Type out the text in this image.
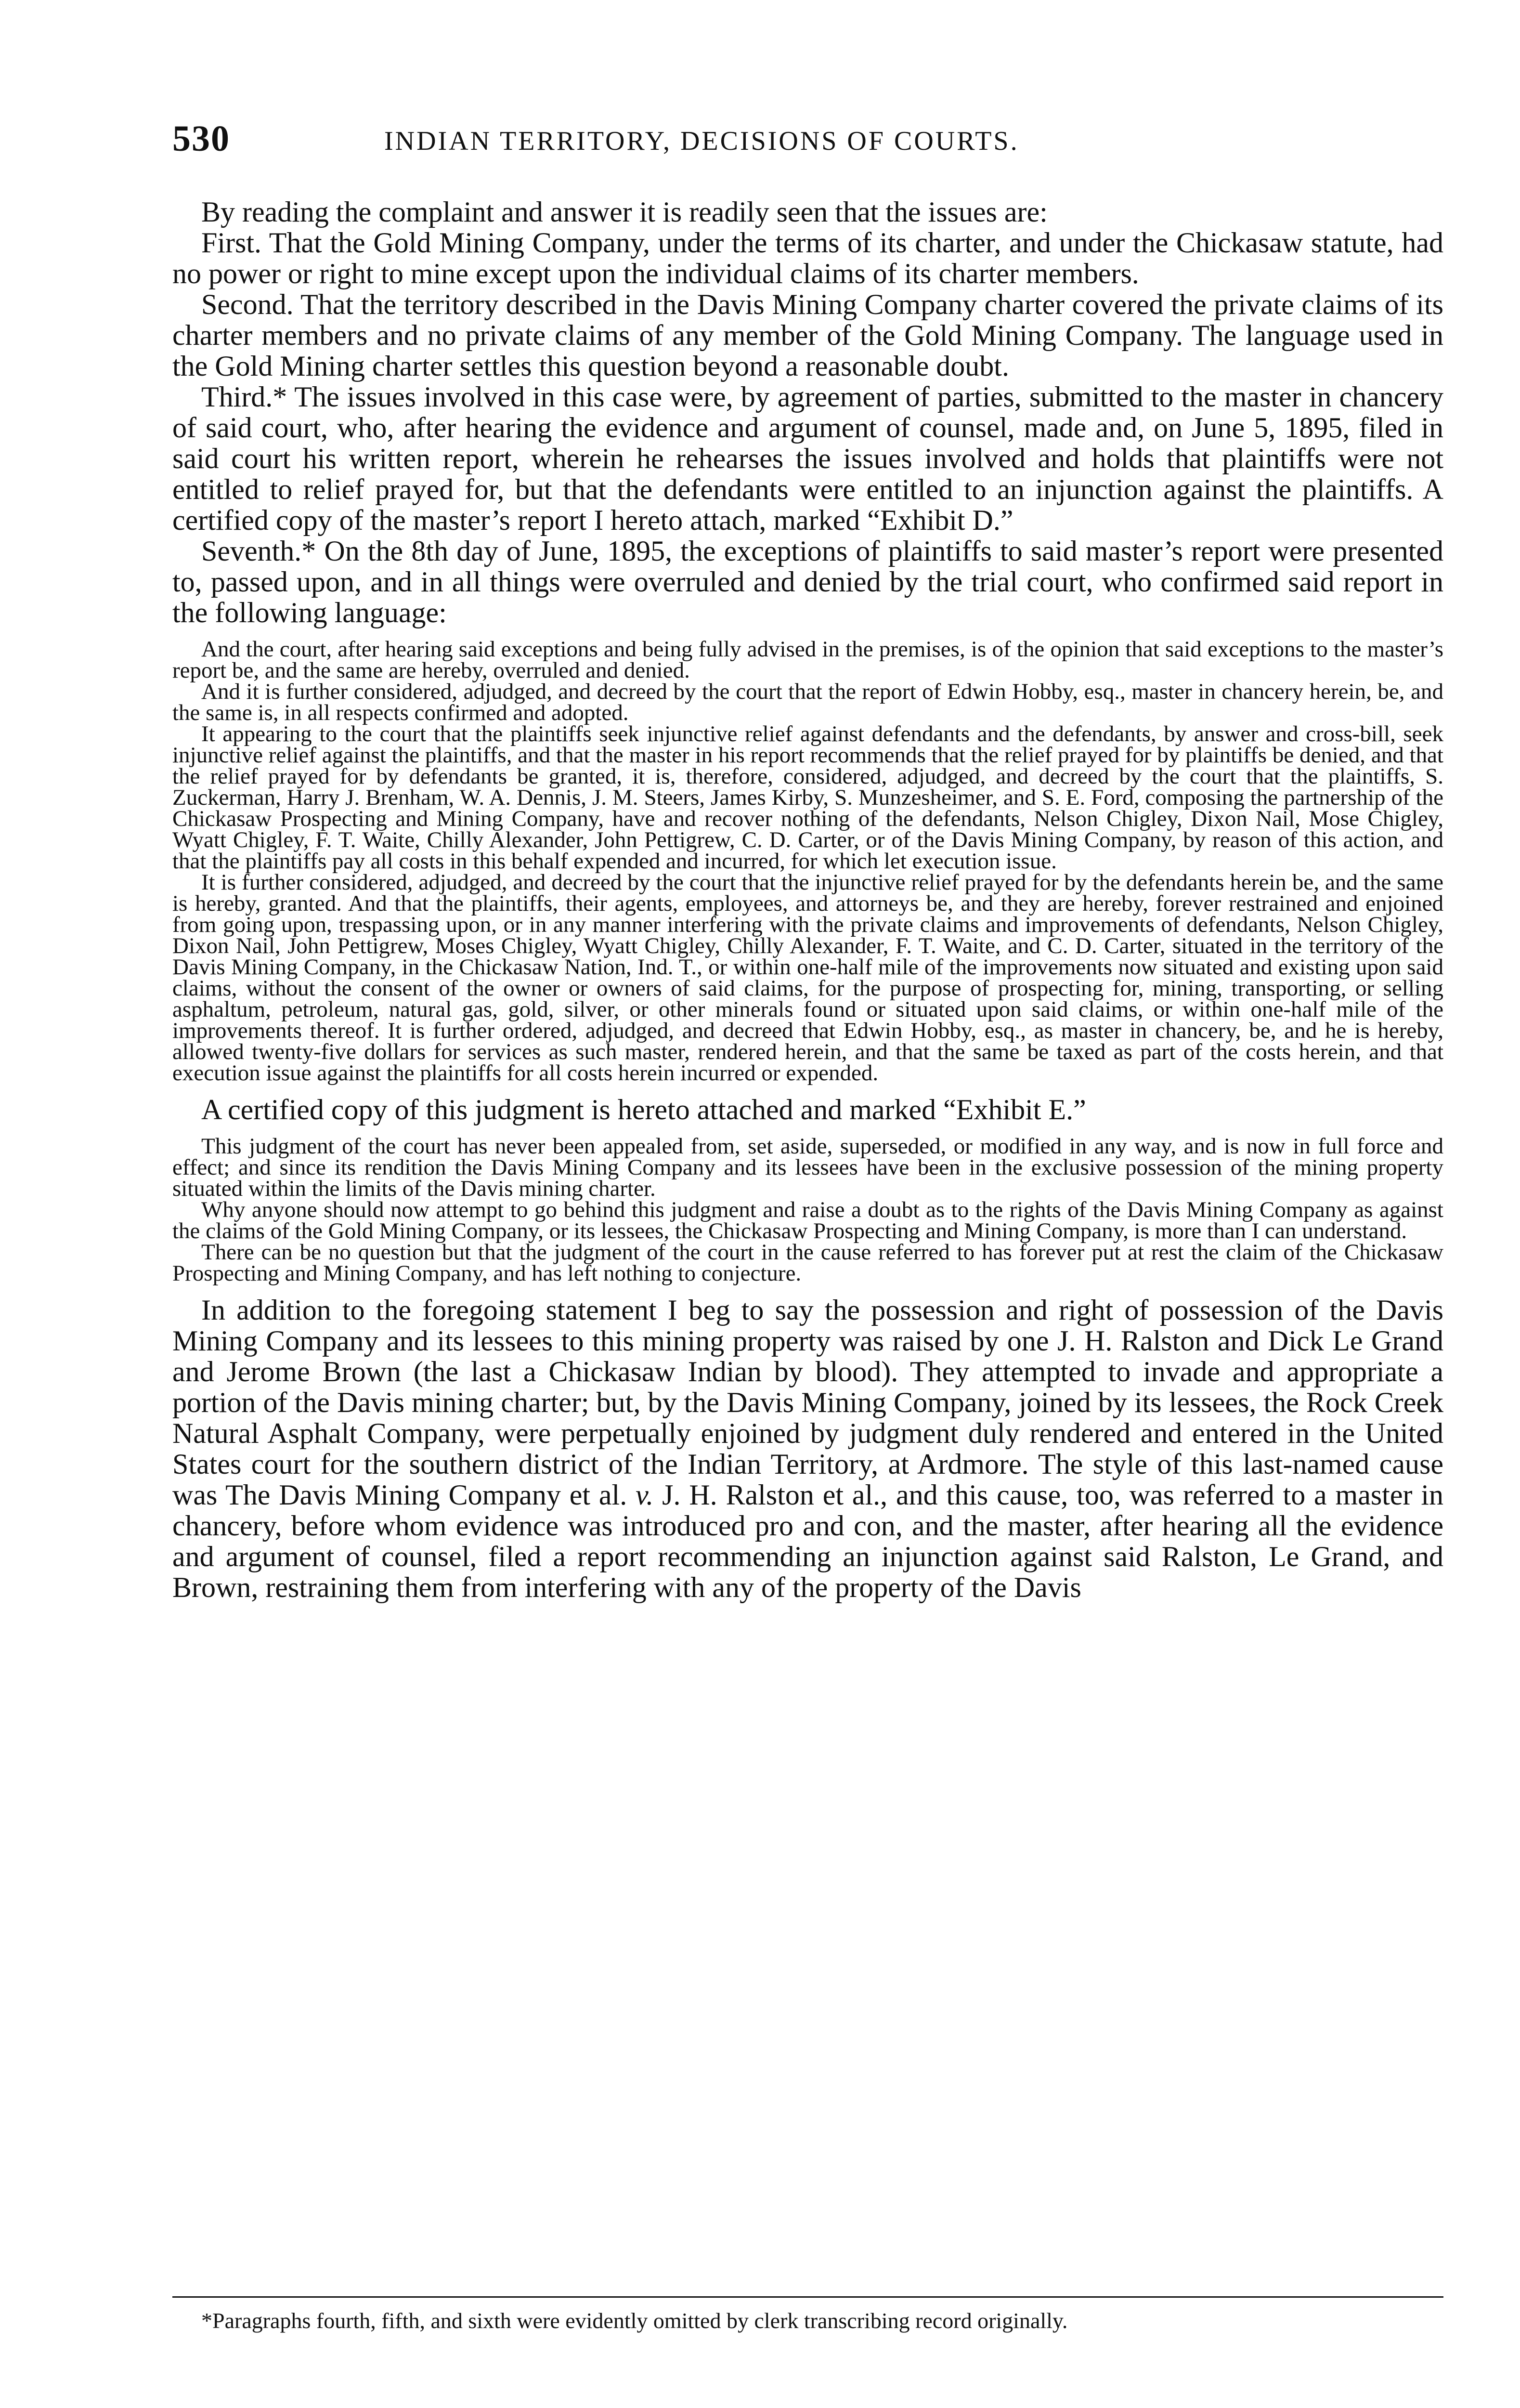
530	INDIAN TERRITORY, DECISIONS OF COURTS.

By reading the complaint and answer it is readily seen that the issues are:

First. That the Gold Mining Company, under the terms of its charter, and under the Chickasaw statute, had no power or right to mine except upon the individual claims of its charter members.

Second. That the territory described in the Davis Mining Company charter covered the private claims of its charter members and no private claims of any member of the Gold Mining Company. The language used in the Gold Mining charter settles this question beyond a reasonable doubt.

Third.* The issues involved in this case were, by agreement of parties, submitted to the master in chancery of said court, who, after hearing the evidence and argument of counsel, made and, on June 5, 1895, filed in said court his written report, wherein he rehearses the issues involved and holds that plaintiffs were not entitled to relief prayed for, but that the defendants were entitled to an injunction against the plaintiffs. A certified copy of the master’s report I hereto attach, marked “Exhibit D.”

Seventh.* On the 8th day of June, 1895, the exceptions of plaintiffs to said master’s report were presented to, passed upon, and in all things were overruled and denied by the trial court, who confirmed said report in the following language:

And the court, after hearing said exceptions and being fully advised in the premises, is of the opinion that said exceptions to the master’s report be, and the same are hereby, overruled and denied.

And it is further considered, adjudged, and decreed by the court that the report of Edwin Hobby, esq., master in chancery herein, be, and the same is, in all respects confirmed and adopted.

It appearing to the court that the plaintiffs seek injunctive relief against defendants and the defendants, by answer and cross-bill, seek injunctive relief against the plaintiffs, and that the master in his report recommends that the relief prayed for by plaintiffs be denied, and that the relief prayed for by defendants be granted, it is, therefore, considered, adjudged, and decreed by the court that the plaintiffs, S. Zuckerman, Harry J. Brenham, W. A. Dennis, J. M. Steers, James Kirby, S. Munzesheimer, and S. E. Ford, composing the partnership of the Chickasaw Prospecting and Mining Company, have and recover nothing of the defendants, Nelson Chigley, Dixon Nail, Mose Chigley, Wyatt Chigley, F. T. Waite, Chilly Alexander, John Pettigrew, C. D. Carter, or of the Davis Mining Company, by reason of this action, and that the plaintiffs pay all costs in this behalf expended and incurred, for which let execution issue.

It is further considered, adjudged, and decreed by the court that the injunctive relief prayed for by the defendants herein be, and the same is hereby, granted. And that the plaintiffs, their agents, employees, and attorneys be, and they are hereby, forever restrained and enjoined from going upon, trespassing upon, or in any manner interfering with the private claims and improvements of defendants, Nelson Chigley, Dixon Nail, John Pettigrew, Moses Chigley, Wyatt Chigley, Chilly Alexander, F. T. Waite, and C. D. Carter, situated in the territory of the Davis Mining Company, in the Chickasaw Nation, Ind. T., or within one-half mile of the improvements now situated and existing upon said claims, without the consent of the owner or owners of said claims, for the purpose of prospecting for, mining, transporting, or selling asphaltum, petroleum, natural gas, gold, silver, or other minerals found or situated upon said claims, or within one-half mile of the improvements thereof. It is further ordered, adjudged, and decreed that Edwin Hobby, esq., as master in chancery, be, and he is hereby, allowed twenty-five dollars for services as such master, rendered herein, and that the same be taxed as part of the costs herein, and that execution issue against the plaintiffs for all costs herein incurred or expended.

A certified copy of this judgment is hereto attached and marked “Exhibit E.”

This judgment of the court has never been appealed from, set aside, superseded, or modified in any way, and is now in full force and effect; and since its rendition the Davis Mining Company and its lessees have been in the exclusive possession of the mining property situated within the limits of the Davis mining charter.

Why anyone should now attempt to go behind this judgment and raise a doubt as to the rights of the Davis Mining Company as against the claims of the Gold Mining Company, or its lessees, the Chickasaw Prospecting and Mining Company, is more than I can understand.

There can be no question but that the judgment of the court in the cause referred to has forever put at rest the claim of the Chickasaw Prospecting and Mining Company, and has left nothing to conjecture.

In addition to the foregoing statement I beg to say the possession and right of possession of the Davis Mining Company and its lessees to this mining property was raised by one J. H. Ralston and Dick Le Grand and Jerome Brown (the last a Chickasaw Indian by blood). They attempted to invade and appropriate a portion of the Davis mining charter; but, by the Davis Mining Company, joined by its lessees, the Rock Creek Natural Asphalt Company, were perpetually enjoined by judgment duly rendered and entered in the United States court for the southern district of the Indian Territory, at Ardmore. The style of this last-named cause was The Davis Mining Company et al. v. J. H. Ralston et al., and this cause, too, was referred to a master in chancery, before whom evidence was introduced pro and con, and the master, after hearing all the evidence and argument of counsel, filed a report recommending an injunction against said Ralston, Le Grand, and Brown, restraining them from interfering with any of the property of the Davis

*Paragraphs fourth, fifth, and sixth were evidently omitted by clerk transcribing record originally.
